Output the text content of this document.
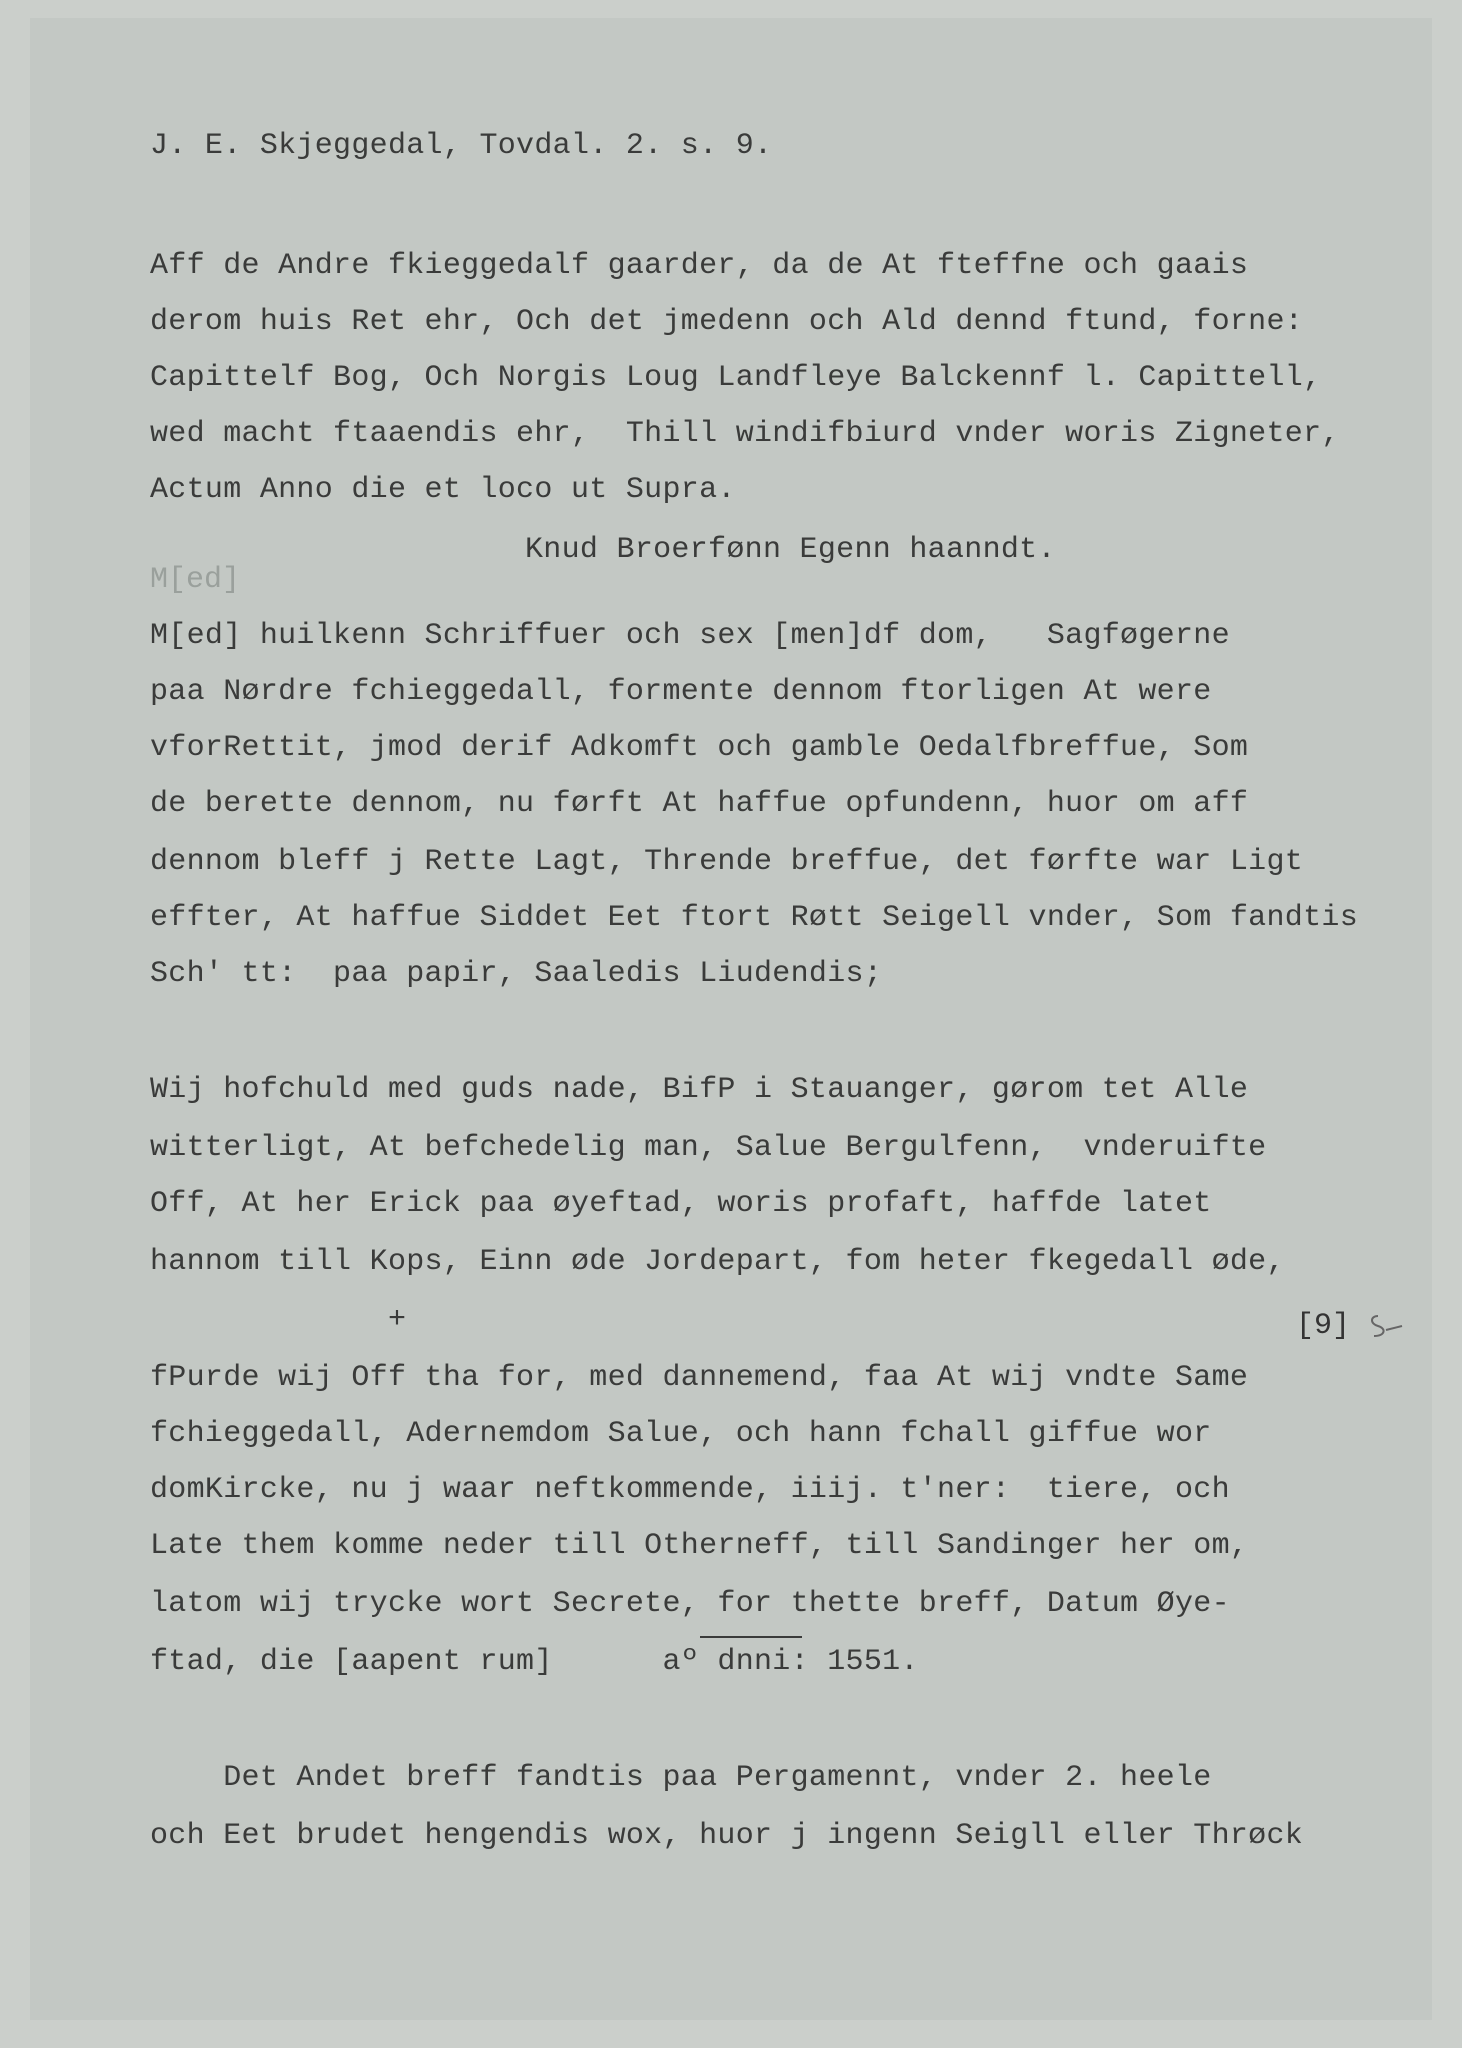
J. E. Skjeggedal, Tovdal. 2. s. 9.

Aff de Andre fkieggedalf gaarder, da de At fteffne och gaais

derom huis Ret ehr, Och det jmedenn och Ald dennd ftund, forne:

Capittelf Bog, Och Norgis Loug Landfleye Balckennf l. Capittell,

wed macht ftaaendis ehr,  Thill windifbiurd vnder woris Zigneter,

Actum Anno die et loco ut Supra.

M[ed]

Knud Broerfønn Egenn haanndt.

M[ed] huilkenn Schriffuer och sex [men]df dom,   Sagføgerne

paa Nørdre fchieggedall, formente dennom ftorligen At were

vforRettit, jmod derif Adkomft och gamble Oedalfbreffue, Som

de berette dennom, nu førft At haffue opfundenn, huor om aff

dennom bleff j Rette Lagt, Thrende breffue, det førfte war Ligt

effter, At haffue Siddet Eet ftort Røtt Seigell vnder, Som fandtis

Sch' tt:  paa papir, Saaledis Liudendis;

Wij hofchuld med guds nade, BifP i Stauanger, gørom tet Alle

witterligt, At befchedelig man, Salue Bergulfenn,  vnderuifte

Off, At her Erick paa øyeftad, woris profaft, haffde latet

hannom till Kops, Einn øde Jordepart, fom heter fkegedall øde,

+	[9]

fPurde wij Off tha for, med dannemend, faa At wij vndte Same

fchieggedall, Adernemdom Salue, och hann fchall giffue wor

domKircke, nu j waar neftkommende, iiij. t'ner:  tiere, och

Late them komme neder till Otherneff, till Sandinger her om,

latom wij trycke wort Secrete, for thette breff, Datum Øye-

ftad, die [aapent rum]      aº dnni: 1551.

Det Andet breff fandtis paa Pergamennt, vnder 2. heele

och Eet brudet hengendis wox, huor j ingenn Seigll eller Thrøck
